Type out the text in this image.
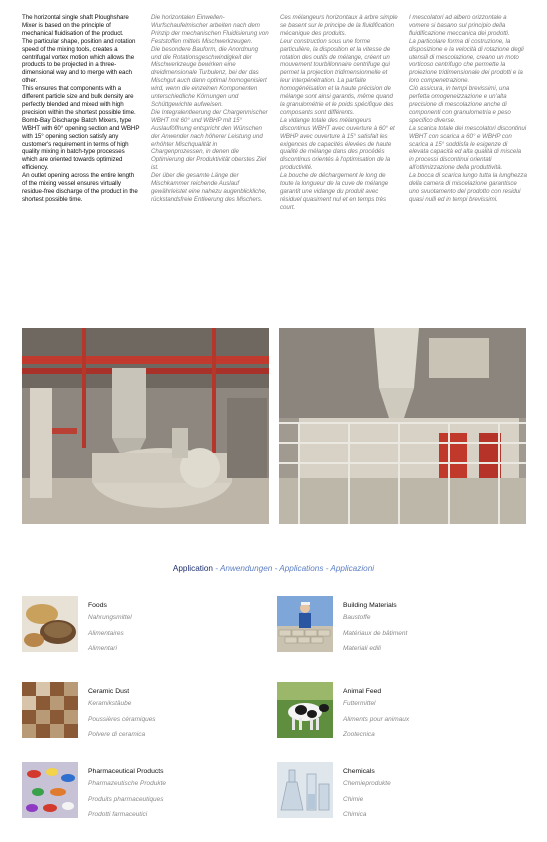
The horizontal single shaft Ploughshare Mixer is based on the principle of mechanical fluidisation of the product.

The particular shape, position and rotation speed of the mixing tools, creates a centrifugal vortex motion which allows the products to be projected in a three-dimensional way and to merge with each other.

This ensures that components with a different particle size and bulk density are perfectly blended and mixed with high precision within the shortest possible time.

Bomb-Bay Discharge Batch Mixers, type WBHT with 60° opening section and WBHP with 15° opening section satisfy any customer's requirement in terms of high quality mixing in batch-type processes which are oriented towards optimized efficiency.

An outlet opening across the entire length of the mixing vessel ensures virtually residue-free discharge of the product in the shortest possible time.

Die horizontalen Einwellen-Wurfschaufelmischer arbeiten nach dem Prinzip der mechanischen Fluidisierung von Feststoffen mittels Mischwerkzeugen.

Die besondere Bauform, die Anordnung und die Rotationsgeschwindigkeit der Mischwerkzeuge bewirken eine dreidimensionale Turbulenz, bei der das Mischgut auch dann optimal homogenisiert wird, wenn die einzelnen Komponenten unterschiedliche Körnungen und Schüttgewichte aufweisen.

Die Integralentleerung der Chargenmischer WBHT mit 60° und WBHP mit 15° Auslauföffnung entspricht den Wünschen der Anwender nach höherer Leistung und erhöhter Mischqualität in Chargenprozessen, in denen die Optimierung der Produktivität oberstes Ziel ist.

Der über die gesamte Länge der Mischkammer reichende Auslauf gewährleistet eine nahezu augenblickliche, rückstandsfreie Entleerung des Mischers.

Ces mélangeurs horizontaux à arbre simple se basent sur le principe de la fluidification mécanique des produits.

Leur construction sous une forme particulière, la disposition et la vitesse de rotation des outils de mélange, créent un mouvement tourbillonnaire centrifuge qui permet la projection tridimensionnelle et leur interpénétration. La parfaite homogénéisation et la haute précision de mélange sont ainsi garantis, même quand la granulométrie et le poids spécifique des composants sont différents.

La vidange totale des mélangeurs discontinus WBHT avec ouverture à 60° et WBHP avec ouverture à 15° satisfait les exigences de capacités élevées de haute qualité de mélange dans des procédés discontinus orientés à l'optimisation de la productivité.

La bouche de déchargement le long de toute la longueur de la cuve de mélange garantit une vidange du produit avec résiduel quasiment nul et en temps très court.

I mescolatori ad albero orizzontale a vomere si basano sul principio della fluidificazione meccanica dei prodotti.

La particolare forma di costruzione, la disposizione e la velocità di rotazione degli utensili di mescolazione, creano un moto vorticoso centrifugo che permette la proiezione tridimensionale dei prodotti e la loro compenetrazione.

Ciò assicura, in tempi brevissimi, una perfetta omogeneizzazione e un'alta precisione di mescolazione anche di componenti con granulometria e peso specifico diverse.

La scarica totale dei mescolatori discontinui WBHT con scarica a 60° e WBHP con scarica a 15° soddisfa le esigenze di elevata capacità ed alta qualità di miscela in processi discontinui orientati all'ottimizzazione della produttività.

La bocca di scarica lungo tutta la lunghezza della camera di miscelazione garantisce uno svuotamento del prodotto con residui quasi nulli ed in tempi brevissimi.

Application - Anwendungen - Applications - Applicazioni
Foods
Nahrungsmittel
Alimentaires
Alimentari
Building Materials
Baustoffe
Matériaux de bâtiment
Materiali edili
Ceramic Dust
Keramikstäube
Poussières céramiques
Polvere di ceramica
Animal Feed
Futtermittel
Aliments pour animaux
Zootecnica
Pharmaceutical Products
Pharmazeutische Produkte
Produits pharmaceutiques
Prodotti farmaceutici
Chemicals
Chemieprodukte
Chimie
Chimica
